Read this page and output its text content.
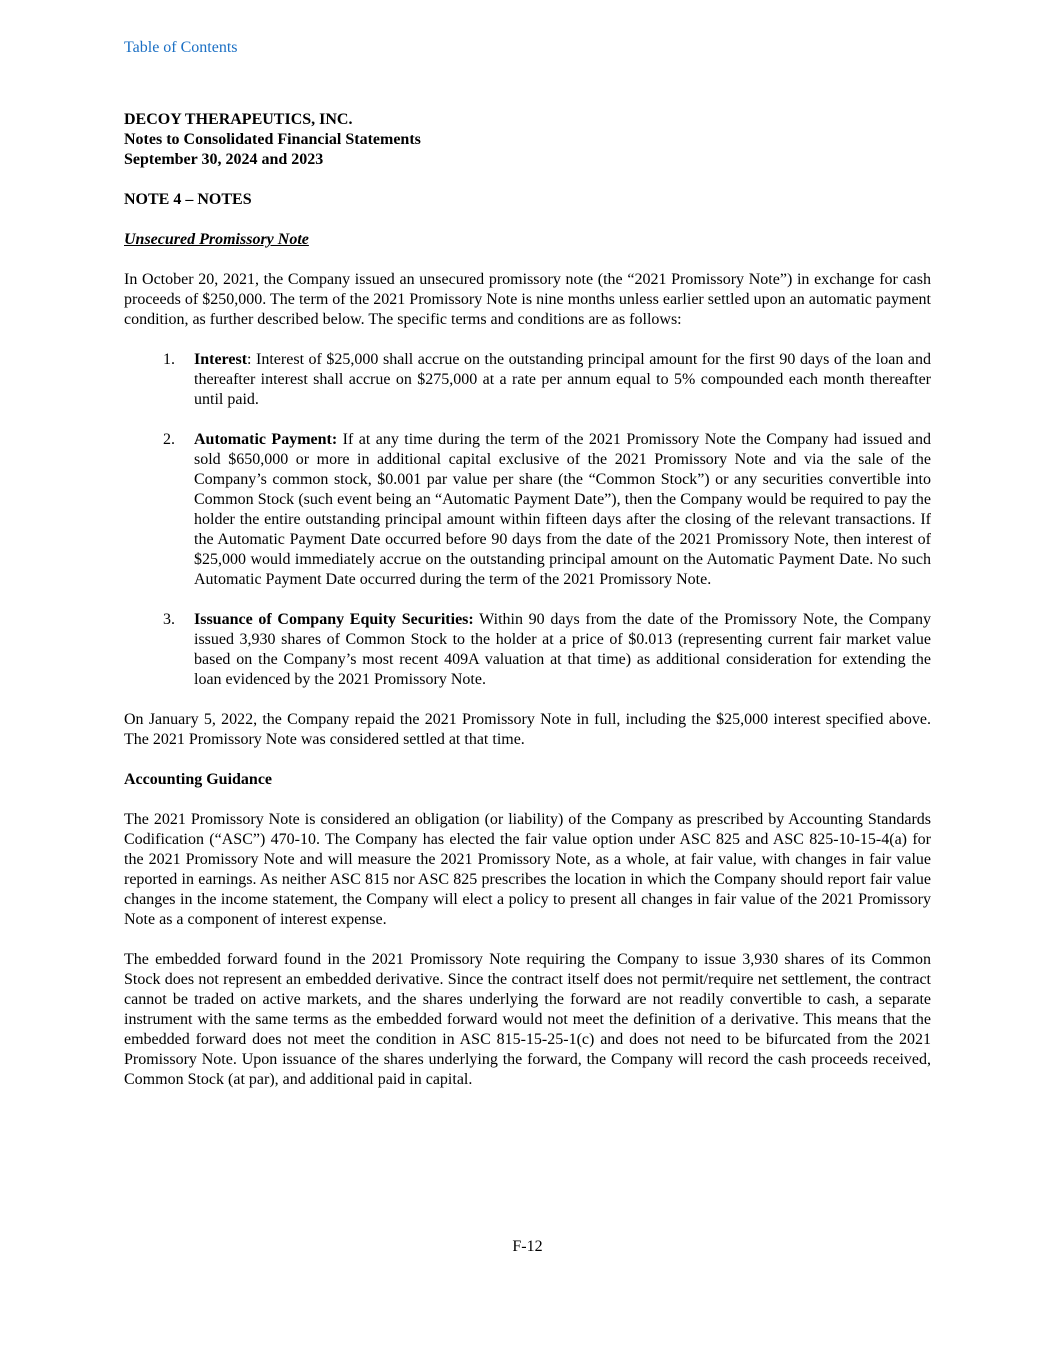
Table of Contents
DECOY THERAPEUTICS, INC.
Notes to Consolidated Financial Statements
September 30, 2024 and 2023
NOTE 4 – NOTES
Unsecured Promissory Note

In October 20, 2021, the Company issued an unsecured promissory note (the “2021 Promissory Note”) in exchange for cash proceeds of $250,000. The term of the 2021 Promissory Note is nine months unless earlier settled upon an automatic payment condition, as further described below. The specific terms and conditions are as follows:

1. Interest: Interest of $25,000 shall accrue on the outstanding principal amount for the first 90 days of the loan and thereafter interest shall accrue on $275,000 at a rate per annum equal to 5% compounded each month thereafter until paid.
2. Automatic Payment: If at any time during the term of the 2021 Promissory Note the Company had issued and sold $650,000 or more in additional capital exclusive of the 2021 Promissory Note and via the sale of the Company’s common stock, $0.001 par value per share (the “Common Stock”) or any securities convertible into Common Stock (such event being an “Automatic Payment Date”), then the Company would be required to pay the holder the entire outstanding principal amount within fifteen days after the closing of the relevant transactions. If the Automatic Payment Date occurred before 90 days from the date of the 2021 Promissory Note, then interest of $25,000 would immediately accrue on the outstanding principal amount on the Automatic Payment Date. No such Automatic Payment Date occurred during the term of the 2021 Promissory Note.
3. Issuance of Company Equity Securities: Within 90 days from the date of the Promissory Note, the Company issued 3,930 shares of Common Stock to the holder at a price of $0.013 (representing current fair market value based on the Company’s most recent 409A valuation at that time) as additional consideration for extending the loan evidenced by the 2021 Promissory Note.

On January 5, 2022, the Company repaid the 2021 Promissory Note in full, including the $25,000 interest specified above. The 2021 Promissory Note was considered settled at that time.

Accounting Guidance

The 2021 Promissory Note is considered an obligation (or liability) of the Company as prescribed by Accounting Standards Codification (“ASC”) 470-10. The Company has elected the fair value option under ASC 825 and ASC 825-10-15-4(a) for the 2021 Promissory Note and will measure the 2021 Promissory Note, as a whole, at fair value, with changes in fair value reported in earnings. As neither ASC 815 nor ASC 825 prescribes the location in which the Company should report fair value changes in the income statement, the Company will elect a policy to present all changes in fair value of the 2021 Promissory Note as a component of interest expense.

The embedded forward found in the 2021 Promissory Note requiring the Company to issue 3,930 shares of its Common Stock does not represent an embedded derivative. Since the contract itself does not permit/require net settlement, the contract cannot be traded on active markets, and the shares underlying the forward are not readily convertible to cash, a separate instrument with the same terms as the embedded forward would not meet the definition of a derivative. This means that the embedded forward does not meet the condition in ASC 815-15-25-1(c) and does not need to be bifurcated from the 2021 Promissory Note. Upon issuance of the shares underlying the forward, the Company will record the cash proceeds received, Common Stock (at par), and additional paid in capital.

F-12
